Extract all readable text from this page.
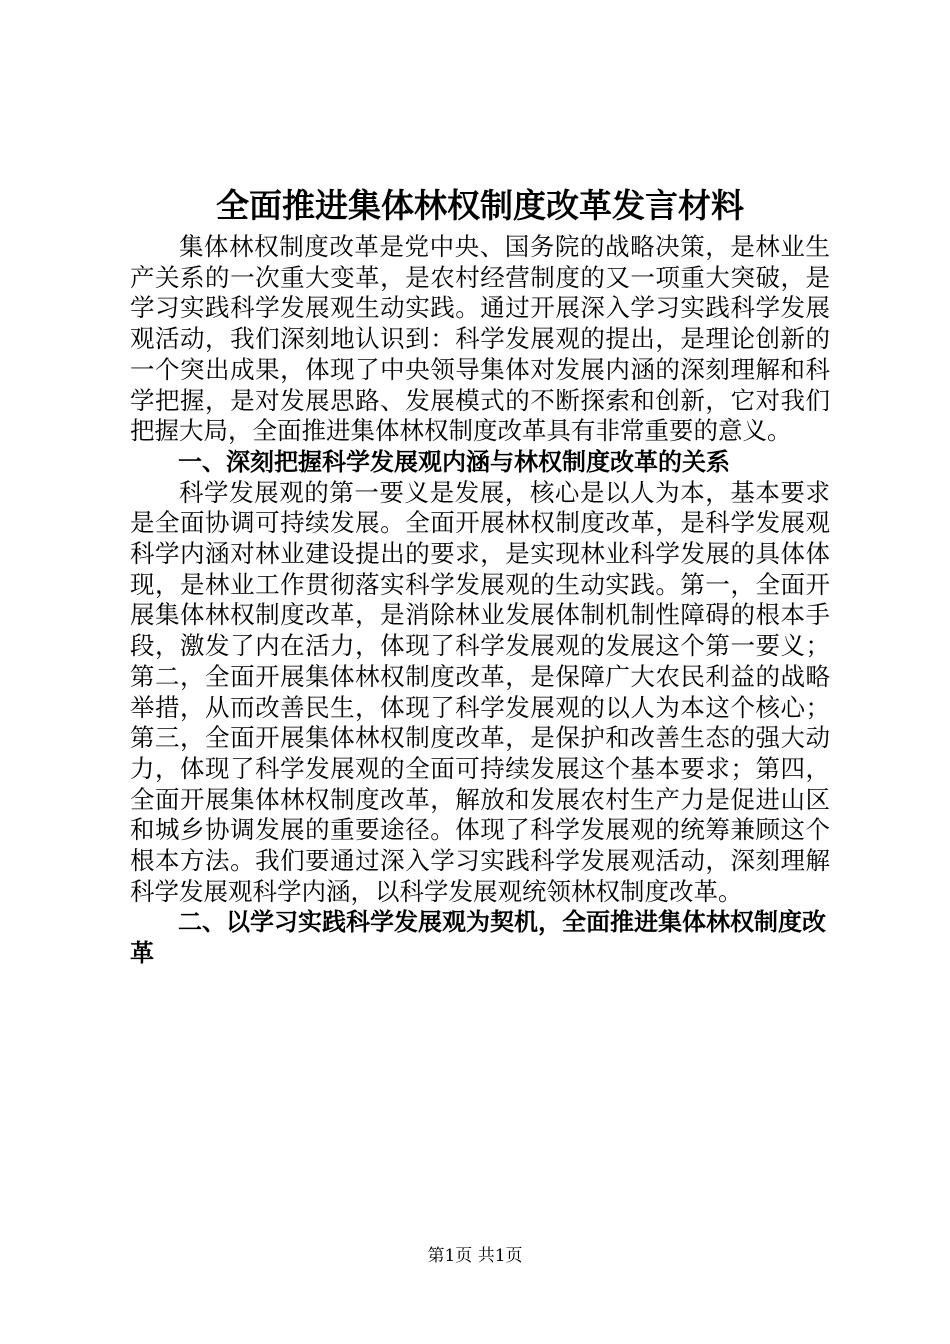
全面推进集体林权制度改革发言材料

集体林权制度改革是党中央、国务院的战略决策，是林业生产关系的一次重大变革，是农村经营制度的又一项重大突破，是学习实践科学发展观生动实践。通过开展深入学习实践科学发展观活动，我们深刻地认识到：科学发展观的提出，是理论创新的一个突出成果，体现了中央领导集体对发展内涵的深刻理解和科学把握，是对发展思路、发展模式的不断探索和创新，它对我们把握大局，全面推进集体林权制度改革具有非常重要的意义。

一、深刻把握科学发展观内涵与林权制度改革的关系

科学发展观的第一要义是发展，核心是以人为本，基本要求是全面协调可持续发展。全面开展林权制度改革，是科学发展观科学内涵对林业建设提出的要求，是实现林业科学发展的具体体现，是林业工作贯彻落实科学发展观的生动实践。第一，全面开展集体林权制度改革，是消除林业发展体制机制性障碍的根本手段，激发了内在活力，体现了科学发展观的发展这个第一要义；第二，全面开展集体林权制度改革，是保障广大农民利益的战略举措，从而改善民生，体现了科学发展观的以人为本这个核心；第三，全面开展集体林权制度改革，是保护和改善生态的强大动力，体现了科学发展观的全面可持续发展这个基本要求；第四，全面开展集体林权制度改革，解放和发展农村生产力是促进山区和城乡协调发展的重要途径。体现了科学发展观的统筹兼顾这个根本方法。我们要通过深入学习实践科学发展观活动，深刻理解科学发展观科学内涵，以科学发展观统领林权制度改革。

二、以学习实践科学发展观为契机，全面推进集体林权制度改革

第1页 共1页
